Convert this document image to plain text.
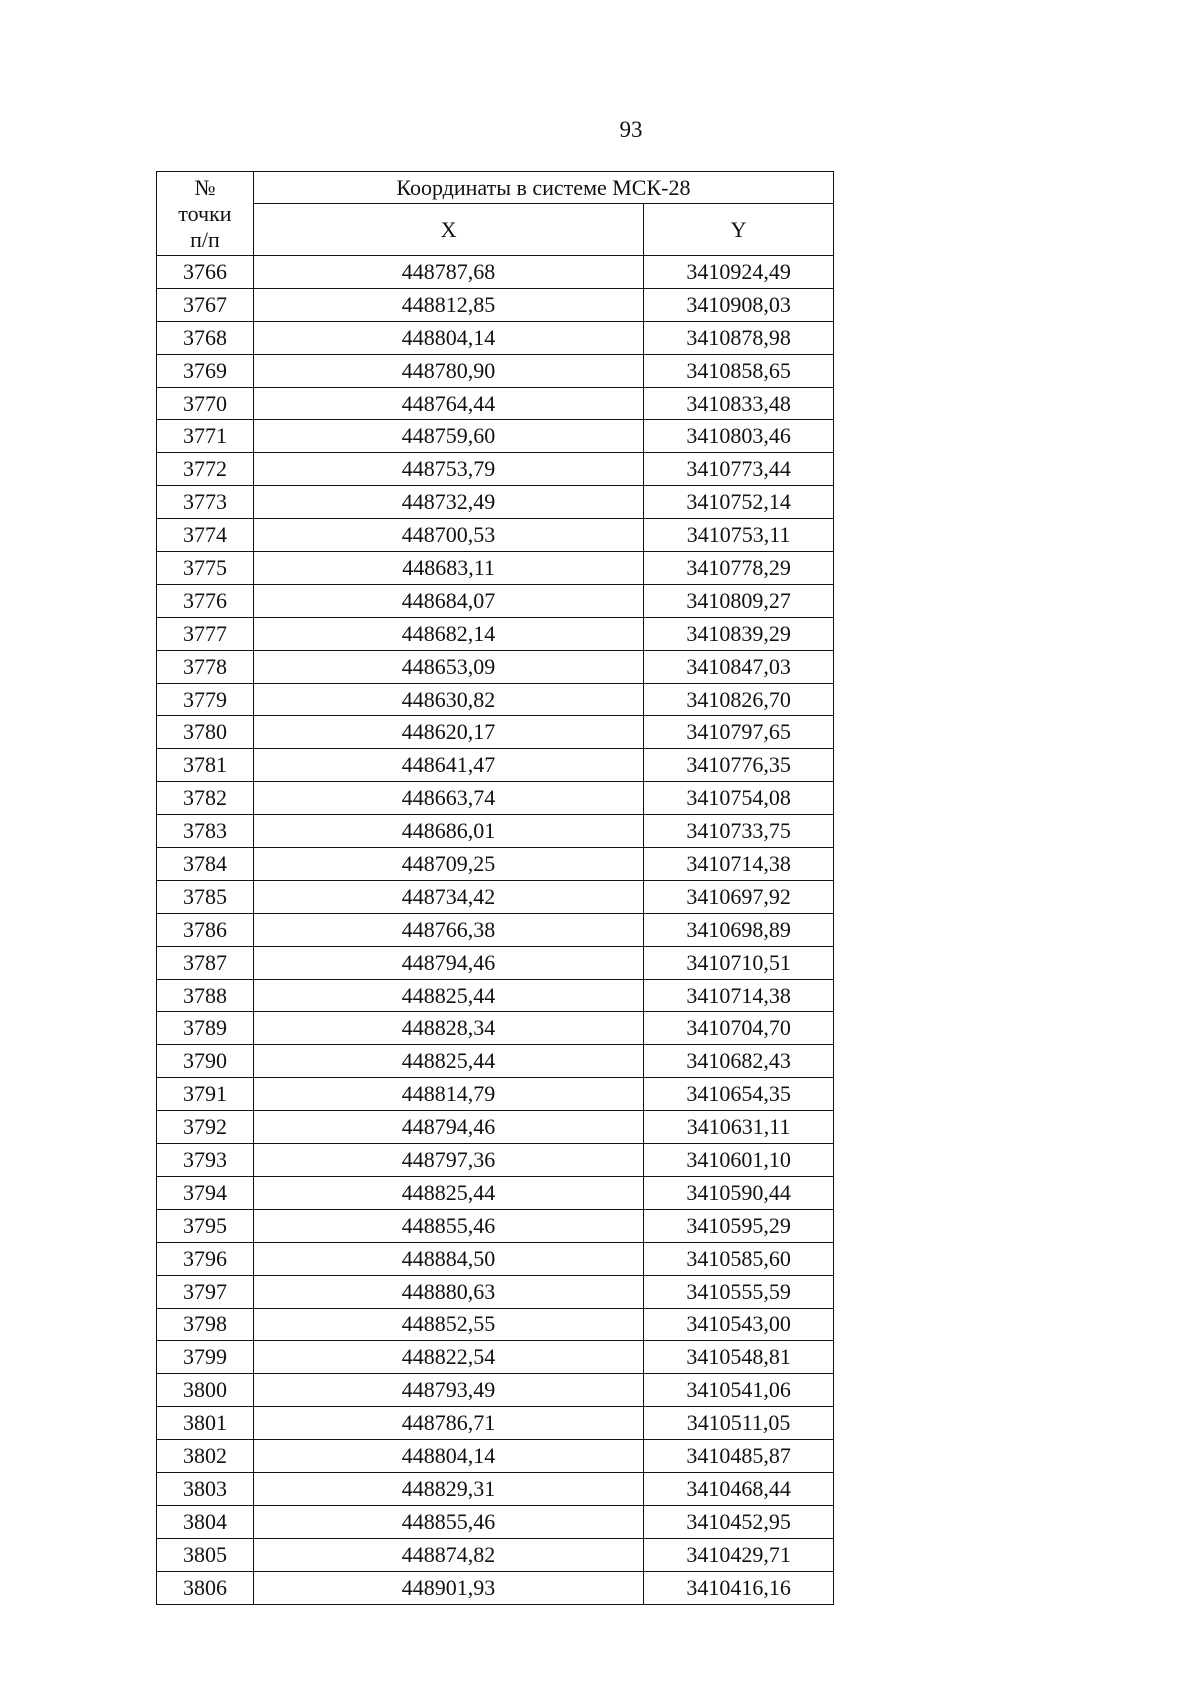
93
№
точки
п/п	Координаты в системе МСК-28	
	X	Y
3766	448787,68	3410924,49
3767	448812,85	3410908,03
3768	448804,14	3410878,98
3769	448780,90	3410858,65
3770	448764,44	3410833,48
3771	448759,60	3410803,46
3772	448753,79	3410773,44
3773	448732,49	3410752,14
3774	448700,53	3410753,11
3775	448683,11	3410778,29
3776	448684,07	3410809,27
3777	448682,14	3410839,29
3778	448653,09	3410847,03
3779	448630,82	3410826,70
3780	448620,17	3410797,65
3781	448641,47	3410776,35
3782	448663,74	3410754,08
3783	448686,01	3410733,75
3784	448709,25	3410714,38
3785	448734,42	3410697,92
3786	448766,38	3410698,89
3787	448794,46	3410710,51
3788	448825,44	3410714,38
3789	448828,34	3410704,70
3790	448825,44	3410682,43
3791	448814,79	3410654,35
3792	448794,46	3410631,11
3793	448797,36	3410601,10
3794	448825,44	3410590,44
3795	448855,46	3410595,29
3796	448884,50	3410585,60
3797	448880,63	3410555,59
3798	448852,55	3410543,00
3799	448822,54	3410548,81
3800	448793,49	3410541,06
3801	448786,71	3410511,05
3802	448804,14	3410485,87
3803	448829,31	3410468,44
3804	448855,46	3410452,95
3805	448874,82	3410429,71
3806	448901,93	3410416,16
